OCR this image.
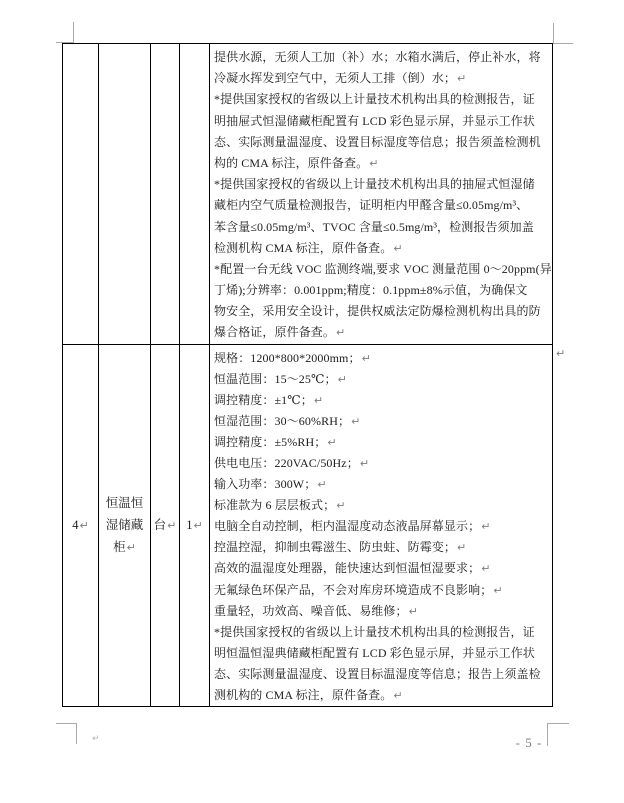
提供水源，无须人工加（补）水；水箱水满后，停止补水，将
冷凝水挥发到空气中，无须人工排（倒）水；↵
*提供国家授权的省级以上计量技术机构出具的检测报告，证
明抽屉式恒湿储藏柜配置有 LCD 彩色显示屏，并显示工作状
态、实际测量温湿度、设置目标湿度等信息；报告须盖检测机
构的 CMA 标注，原件备查。↵
*提供国家授权的省级以上计量技术机构出具的抽屉式恒湿储
藏柜内空气质量检测报告，证明柜内甲醛含量≤0.05mg/m³、
苯含量≤0.05mg/m³、TVOC 含量≤0.5mg/m³，检测报告须加盖
检测机构 CMA 标注，原件备查。↵
*配置一台无线 VOC 监测终端,要求 VOC 测量范围 0～20ppm(异
丁烯);分辨率：0.001ppm;精度：0.1ppm±8%示值，为确保文
物安全，采用安全设计，提供权威法定防爆检测机构出具的防
爆合格证，原件备查。↵
4↵
恒温恒
湿储藏
柜↵
台↵ 1↵
规格：1200*800*2000mm；↵
恒温范围：15～25℃；↵
调控精度：±1℃；↵
恒湿范围：30～60%RH；↵
调控精度：±5%RH；↵
供电电压：220VAC/50Hz；↵
输入功率：300W；↵
标准款为 6 层层板式；↵
电脑全自动控制，柜内温湿度动态液晶屏幕显示；↵
控温控湿，抑制虫霉滋生、防虫蛀、防霉变；↵
高效的温湿度处理器，能快速达到恒温恒湿要求；↵
无氟绿色环保产品，不会对库房环境造成不良影响；↵
重量轻，功效高、噪音低、易维修；↵
*提供国家授权的省级以上计量技术机构出具的检测报告，证
明恒温恒湿典储藏柜配置有 LCD 彩色显示屏，并显示工作状
态、实际测量温湿度、设置目标温湿度等信息；报告上须盖检
测机构的 CMA 标注，原件备查。↵
↵
↵	- 5 -
